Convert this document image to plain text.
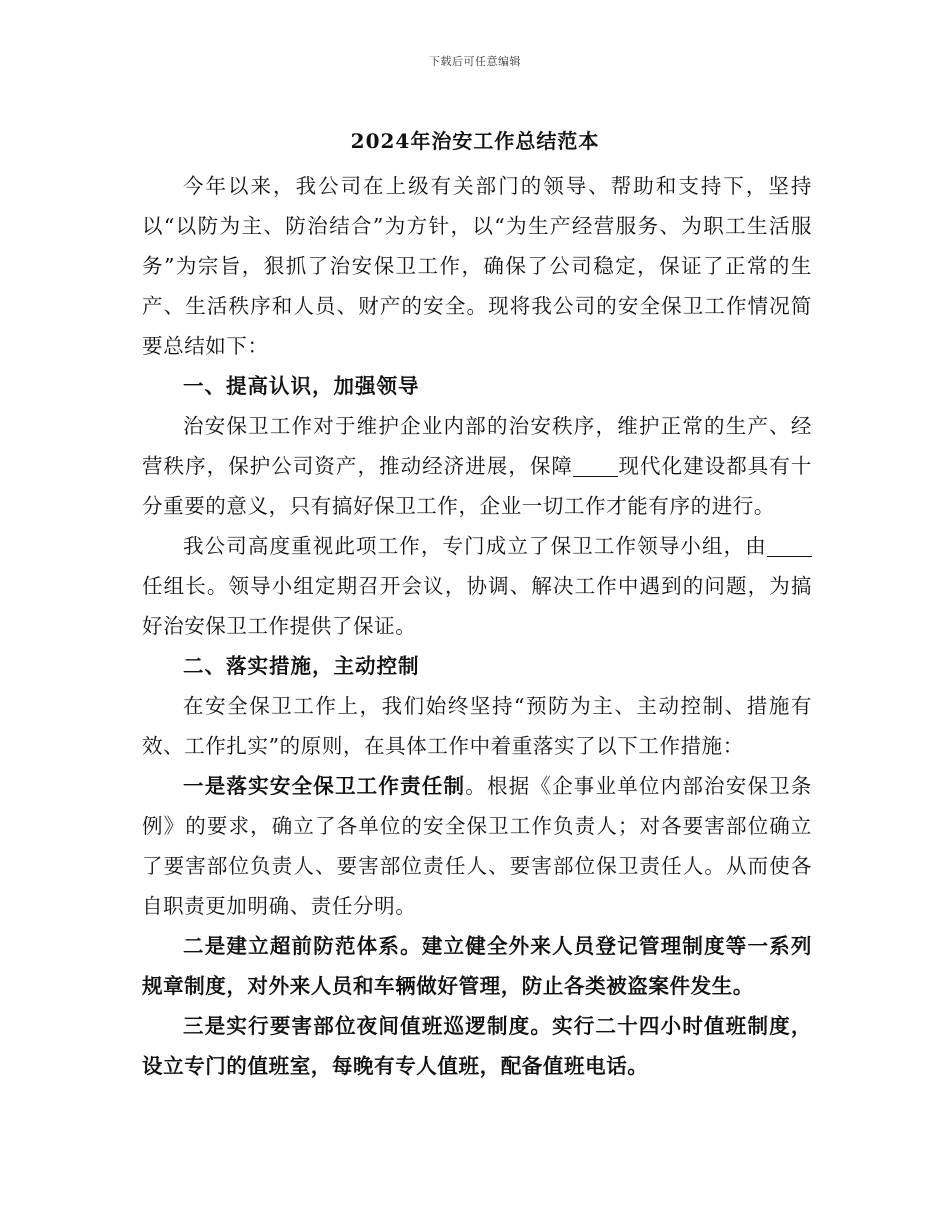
下载后可任意编辑
2024年治安工作总结范本

今年以来，我公司在上级有关部门的领导、帮助和支持下，坚持以“以防为主、防治结合”为方针，以“为生产经营服务、为职工生活服务”为宗旨，狠抓了治安保卫工作，确保了公司稳定，保证了正常的生产、生活秩序和人员、财产的安全。现将我公司的安全保卫工作情况简要总结如下：

一、提高认识，加强领导

治安保卫工作对于维护企业内部的治安秩序，维护正常的生产、经营秩序，保护公司资产，推动经济进展，保障 现代化建设都具有十分重要的意义，只有搞好保卫工作，企业一切工作才能有序的进行。

我公司高度重视此项工作，专门成立了保卫工作领导小组，由任组长。领导小组定期召开会议，协调、解决工作中遇到的问题，为搞好治安保卫工作提供了保证。

二、落实措施，主动控制

在安全保卫工作上，我们始终坚持“预防为主、主动控制、措施有效、工作扎实”的原则，在具体工作中着重落实了以下工作措施：

一是落实安全保卫工作责任制。根据《企事业单位内部治安保卫条例》的要求，确立了各单位的安全保卫工作负责人；对各要害部位确立了要害部位负责人、要害部位责任人、要害部位保卫责任人。从而使各自职责更加明确、责任分明。

二是建立超前防范体系。建立健全外来人员登记管理制度等一系列规章制度，对外来人员和车辆做好管理，防止各类被盗案件发生。

三是实行要害部位夜间值班巡逻制度。实行二十四小时值班制度，设立专门的值班室，每晚有专人值班，配备值班电话。
